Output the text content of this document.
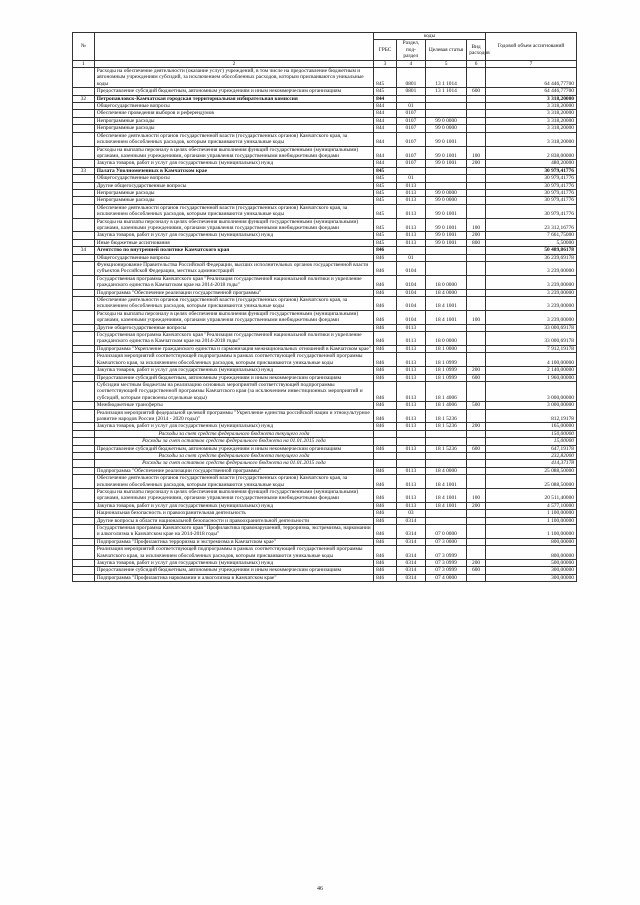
№		коды				Годовой объем ассигнований
		ГРБС	Раздел, под-раздел	Целевая статья	Вид расходов	
1	2	3	4	5	6	7
	Расходы на обеспечение деятельности (оказание услуг) учреждений, в том числе на предоставление бюджетным и автономным учреждениям субсидий, за исключением обособленных расходов, которым присваиваются уникальные коды	845	0801	13 1 1014		64 446,77700
	Предоставление субсидий бюджетным, автономным учреждениям и иным некоммерческим организациям	845	0801	13 1 1014	600	64 446,77700
32	Петропавловск-Камчатская городская территориальная избирательная комиссия	844				3 318,20000
	Общегосударственные вопросы	844	01			3 318,20000
	Обеспечение проведения выборов и референдумов	844	0107			3 318,20000
	Непрограммные расходы	844	0107	99 0 0000		3 318,20000
	Непрограммные расходы	844	0107	99 0 0000		3 318,20000
	Обеспечение деятельности органов государственной власти (государственных органов) Камчатского края, за исключением обособленных расходов, которым присваиваются уникальные коды	844	0107	99 0 1001		3 318,20000
	Расходы на выплаты персоналу в целях обеспечения выполнения функций государственными (муниципальными) органами, казенными учреждениями, органами управления государственными внебюджетными фондами	844	0107	99 0 1001	100	2 838,00000
	Закупка товаров, работ и услуг для государственных (муниципальных) нужд	844	0107	99 0 1001	200	480,20000
33	Палата Уполномоченных в Камчатском крае	845				30 979,41776
	Общегосударственные вопросы	845	01			30 979,41776
	Другие общегосударственные вопросы	845	0113			30 979,41776
	Непрограммные расходы	845	0113	99 0 0000		30 979,41776
	Непрограммные расходы	845	0113	99 0 0000		30 979,41776
	Обеспечение деятельности органов государственной власти (государственных органов) Камчатского края, за исключением обособленных расходов, которым присваиваются уникальные коды	845	0113	99 0 1001		30 979,41776
	Расходы на выплаты персоналу в целях обеспечения выполнения функций государственными (муниципальными) органами, казенными учреждениями, органами управления государственными внебюджетными фондами	845	0113	99 0 1001	100	23 312,16776
	Закупка товаров, работ и услуг для государственных (муниципальных) нужд	845	0113	99 0 1001	200	7 661,75000
	Иные бюджетные ассигнования	845	0113	99 0 1001	800	5,50000
34	Агентство по внутренней политике Камчатского края	846				50 489,86178
	Общегосударственные вопросы	846	01			36 239,69178
	Функционирование Правительства Российской Федерации, высших исполнительных органов государственной власти субъектов Российской Федерации, местных администраций	846	0104			3 239,00000
	Государственная программа Камчатского края "Реализация государственной национальной политики и укрепление гражданского единства в Камчатском крае на 2014-2018 годы"	846	0104	18 0 0000		3 239,00000
	Подпрограмма "Обеспечение реализации государственной программы"	846	0104	18 4 0000		3 239,00000
	Обеспечение деятельности органов государственной власти (государственных органов) Камчатского края, за исключением обособленных расходов, которым присваиваются уникальные коды	846	0104	18 4 1001		3 239,00000
	Расходы на выплаты персоналу в целях обеспечения выполнения функций государственными (муниципальными) органами, казенными учреждениями, органами управления государственными внебюджетными фондами	846	0104	18 4 1001	100	3 239,00000
	Другие общегосударственные вопросы	846	0113			33 000,69178
	Государственная программа Камчатского края "Реализация государственной национальной политики и укрепление гражданского единства в Камчатском крае на 2014-2018 годы"	846	0113	18 0 0000		33 000,69178
	Подпрограмма "Укрепление гражданского единства и гармонизация межнациональных отношений в Камчатском крае"	846	0113	18 1 0000		7 912,19178
	Реализация мероприятий соответствующей подпрограммы в рамках соответствующей государственной программы Камчатского края, за исключением обособленных расходов, которым присваиваются уникальные коды	846	0113	18 1 0999		4 100,00000
	Закупка товаров, работ и услуг для государственных (муниципальных) нужд	846	0113	18 1 0999	200	2 140,00000
	Предоставление субсидий бюджетным, автономным учреждениям и иным некоммерческим организациям	846	0113	18 1 0999	600	1 960,00000
	Субсидии местным бюджетам на реализацию основных мероприятий соответствующей подпрограммы соответствующей государственной программы Камчатского края (за исключением инвестиционных мероприятий и субсидий, которым присвоены отдельные коды)	846	0113	18 1 4006		3 000,00000
	Межбюджетные трансферты	846	0113	18 1 4006	500	3 000,00000
	Реализация мероприятий федеральной целевой программы "Укрепление единства российской нации и этнокультурное развитие народов России (2014 - 2020 годы)"	846	0113	18 1 5236		812,19178
	Закупка товаров, работ и услуг для государственных (муниципальных) нужд	846	0113	18 1 5236	200	165,00000
	Расходы за счет средств федерального бюджета текущего года					150,00000
	Расходы за счет остатков средств федерального бюджета на 01.01.2015 года					15,00000
	Предоставление субсидий бюджетным, автономным учреждениям и иным некоммерческим организациям	846	0113	18 1 5236	600	647,19178
	Расходы за счет средств федерального бюджета текущего года					232,82000
	Расходы за счет остатков средств федерального бюджета на 01.01.2015 года					414,37178
	Подпрограмма "Обеспечение реализации государственной программы"	846	0113	18 4 0000		25 088,50000
	Обеспечение деятельности органов государственной власти (государственных органов) Камчатского края, за исключением обособленных расходов, которым присваиваются уникальные коды	846	0113	18 4 1001		25 088,50000
	Расходы на выплаты персоналу в целях обеспечения выполнения функций государственными (муниципальными) органами, казенными учреждениями, органами управления государственными внебюджетными фондами	846	0113	18 4 1001	100	20 511,40000
	Закупка товаров, работ и услуг для государственных (муниципальных) нужд	846	0113	18 4 1001	200	4 577,10000
	Национальная безопасность и правоохранительная деятельность	846	03			1 100,00000
	Другие вопросы в области национальной безопасности и правоохранительной деятельности	846	0314			1 100,00000
	Государственная программа Камчатского края "Профилактика правонарушений, терроризма, экстремизма, наркомании и алкоголизма в Камчатском крае на 2014-2018 годы"	846	0314	07 0 0000		1 100,00000
	Подпрограмма "Профилактика терроризма и экстремизма в Камчатском крае"	846	0314	07 3 0000		800,00000
	Реализация мероприятий соответствующей подпрограммы в рамках соответствующей государственной программы Камчатского края, за исключением обособленных расходов, которым присваиваются уникальные коды	846	0314	07 3 0999		800,00000
	Закупка товаров, работ и услуг для государственных (муниципальных) нужд	846	0314	07 3 0999	200	500,00000
	Предоставление субсидий бюджетным, автономным учреждениям и иным некоммерческим организациям	846	0314	07 3 0999	600	300,00000
	Подпрограмма "Профилактика наркомании и алкоголизма в Камчатском крае"	846	0314	07 4 0000		300,00000
46
